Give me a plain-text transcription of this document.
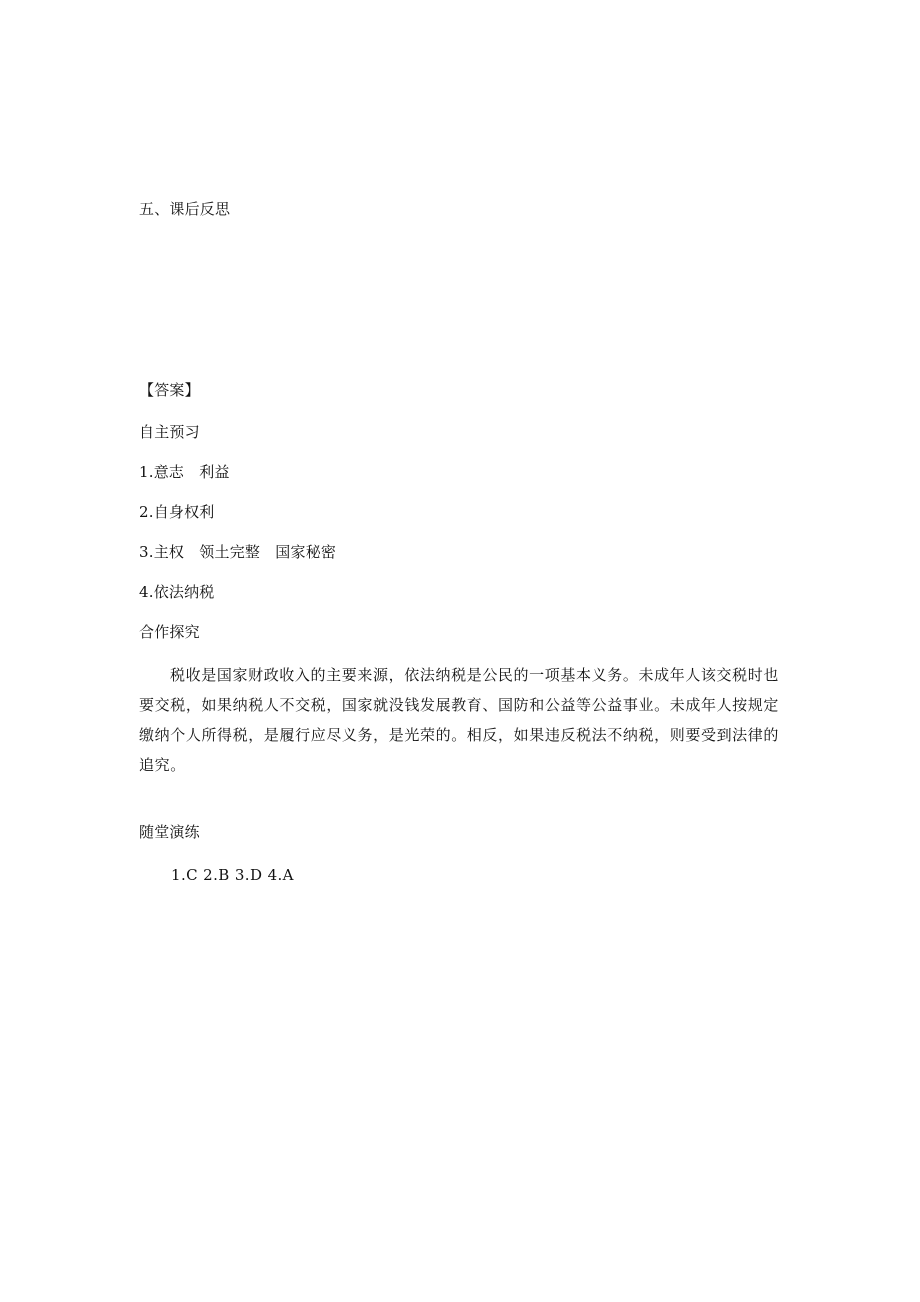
五、课后反思
【答案】
自主预习
1.意志　利益
2.自身权利
3.主权　领土完整　国家秘密
4.依法纳税
合作探究
税收是国家财政收入的主要来源，依法纳税是公民的一项基本义务。未成年人该交税时也要交税，如果纳税人不交税，国家就没钱发展教育、国防和公益等公益事业。未成年人按规定缴纳个人所得税，是履行应尽义务，是光荣的。相反，如果违反税法不纳税，则要受到法律的追究。
随堂演练
1.C 2.B 3.D 4.A
